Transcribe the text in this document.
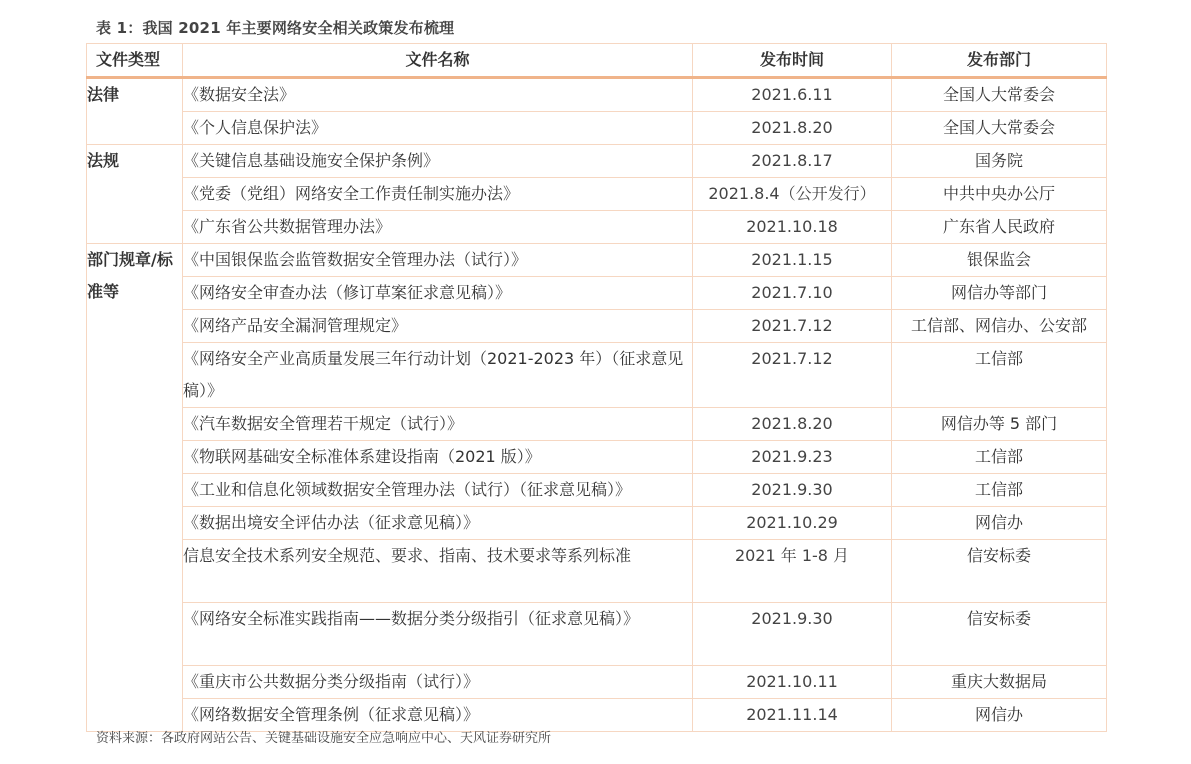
表 1：我国 2021 年主要网络安全相关政策发布梳理
文件类型	文件名称	发布时间	发布部门
法律	《数据安全法》	2021.6.11	全国人大常委会
	《个人信息保护法》	2021.8.20	全国人大常委会
法规	《关键信息基础设施安全保护条例》	2021.8.17	国务院
	《党委（党组）网络安全工作责任制实施办法》	2021.8.4（公开发行）	中共中央办公厅
	《广东省公共数据管理办法》	2021.10.18	广东省人民政府
部门规章/标准等	《中国银保监会监管数据安全管理办法（试行）》	2021.1.15	银保监会
	《网络安全审查办法（修订草案征求意见稿）》	2021.7.10	网信办等部门
	《网络产品安全漏洞管理规定》	2021.7.12	工信部、网信办、公安部
	《网络安全产业高质量发展三年行动计划（2021-2023 年）（征求意见稿）》	2021.7.12	工信部
	《汽车数据安全管理若干规定（试行）》	2021.8.20	网信办等 5 部门
	《物联网基础安全标准体系建设指南（2021 版）》	2021.9.23	工信部
	《工业和信息化领域数据安全管理办法（试行）（征求意见稿）》	2021.9.30	工信部
	《数据出境安全评估办法（征求意见稿）》	2021.10.29	网信办
	信息安全技术系列安全规范、要求、指南、技术要求等系列标准	2021 年 1-8 月	信安标委
	《网络安全标准实践指南——数据分类分级指引（征求意见稿）》	2021.9.30	信安标委
	《重庆市公共数据分类分级指南（试行）》	2021.10.11	重庆大数据局
	《网络数据安全管理条例（征求意见稿）》	2021.11.14	网信办
资料来源：各政府网站公告、关键基础设施安全应急响应中心、天风证券研究所
